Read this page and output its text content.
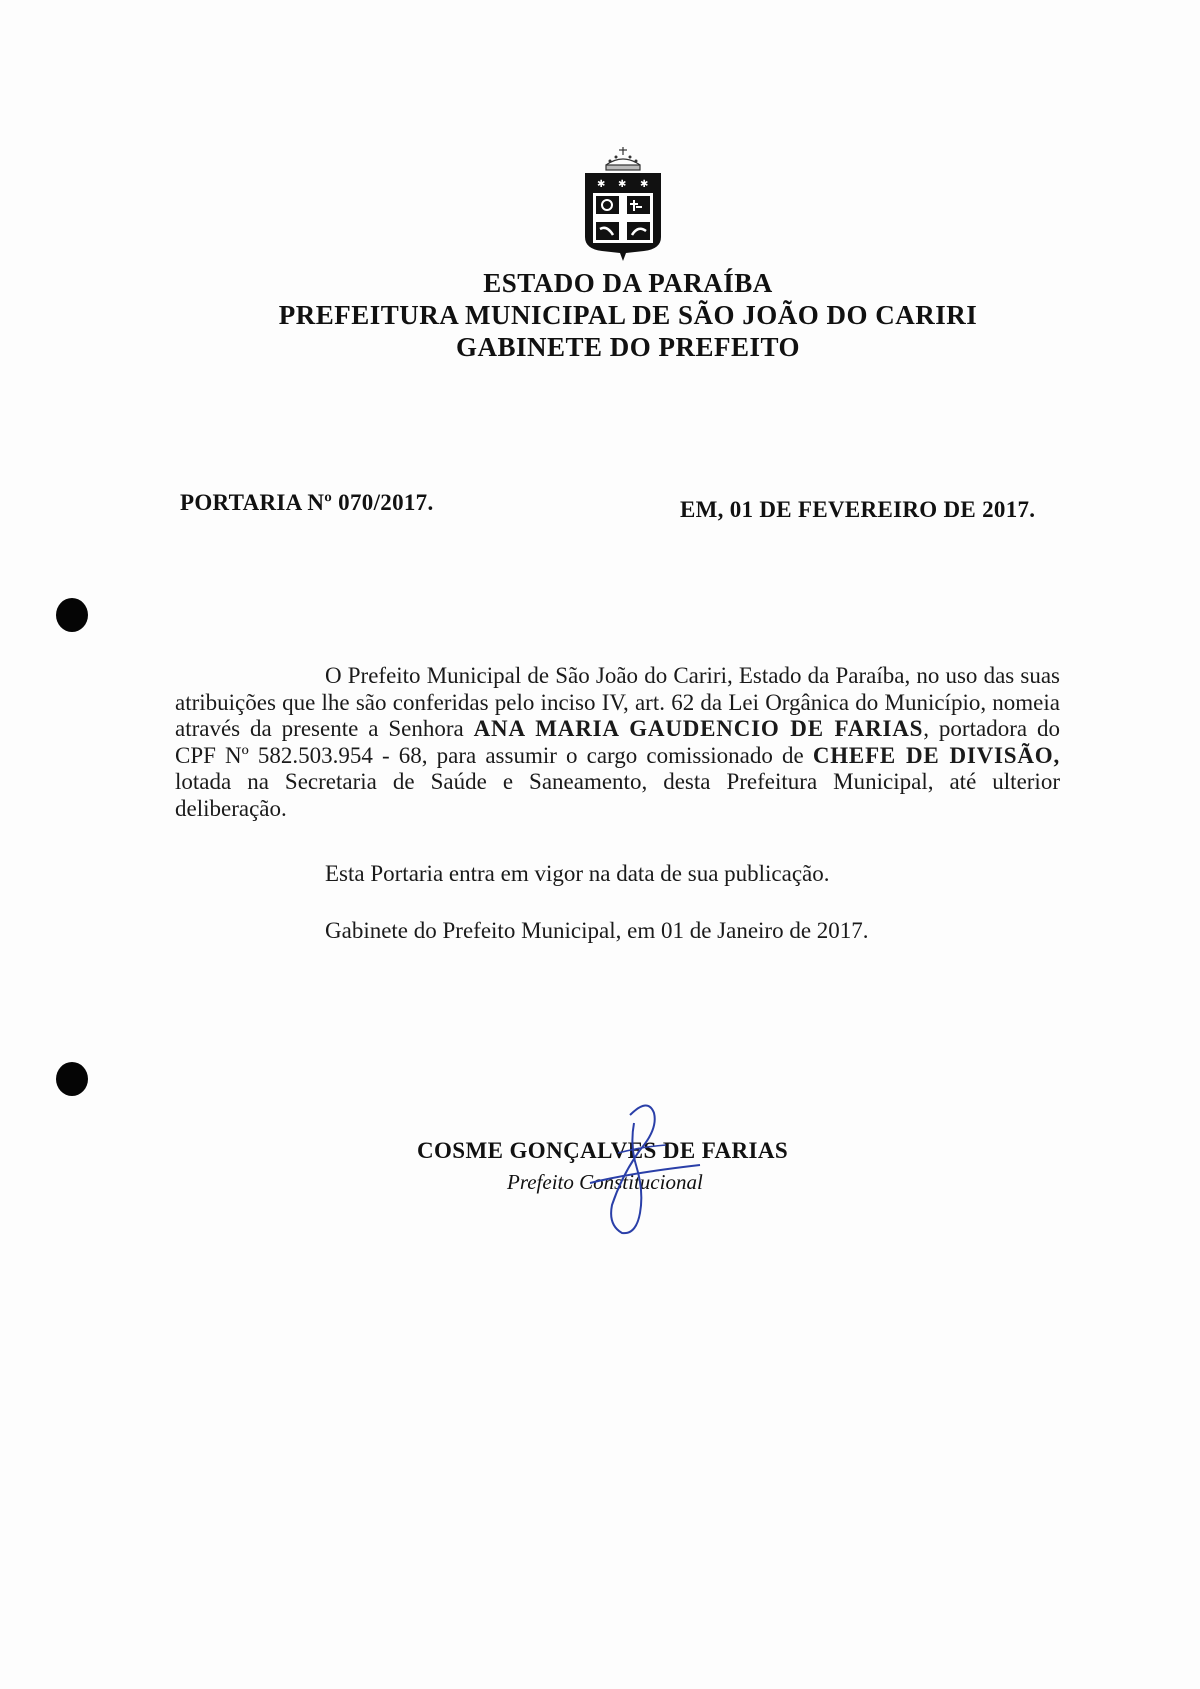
✱ ✱ ✱
ESTADO DA PARAÍBA
PREFEITURA MUNICIPAL DE SÃO JOÃO DO CARIRI
GABINETE DO PREFEITO
PORTARIA Nº 070/2017.	EM, 01 DE FEVEREIRO DE 2017.
O Prefeito Municipal de São João do Cariri, Estado da Paraíba, no uso das suas atribuições que lhe são conferidas pelo inciso IV, art. 62 da Lei Orgânica do Município, nomeia através da presente a Senhora ANA MARIA GAUDENCIO DE FARIAS, portadora do CPF Nº 582.503.954 - 68, para assumir o cargo comissionado de CHEFE DE DIVISÃO, lotada na Secretaria de Saúde e Saneamento, desta Prefeitura Municipal, até ulterior deliberação.
Esta Portaria entra em vigor na data de sua publicação.
Gabinete do Prefeito Municipal, em 01 de Janeiro de 2017.
COSME GONÇALVES DE FARIAS
Prefeito Constitucional
